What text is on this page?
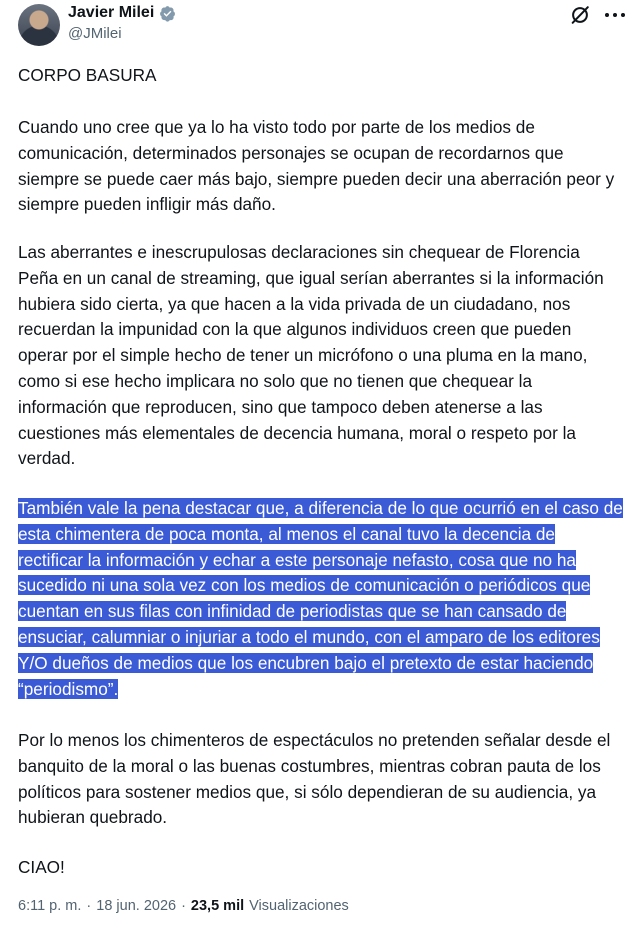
Javier Milei
@JMilei
CORPO BASURA
Cuando uno cree que ya lo ha visto todo por parte de los medios de comunicación, determinados personajes se ocupan de recordarnos que siempre se puede caer más bajo, siempre pueden decir una aberración peor y siempre pueden infligir más daño.
Las aberrantes e inescrupulosas declaraciones sin chequear de Florencia Peña en un canal de streaming, que igual serían aberrantes si la información hubiera sido cierta, ya que hacen a la vida privada de un ciudadano, nos recuerdan la impunidad con la que algunos individuos creen que pueden operar por el simple hecho de tener un micrófono o una pluma en la mano, como si ese hecho implicara no solo que no tienen que chequear la información que reproducen, sino que tampoco deben atenerse a las cuestiones más elementales de decencia humana, moral o respeto por la verdad.
También vale la pena destacar que, a diferencia de lo que ocurrió en el caso de esta chimentera de poca monta, al menos el canal tuvo la decencia de rectificar la información y echar a este personaje nefasto, cosa que no ha sucedido ni una sola vez con los medios de comunicación o periódicos que cuentan en sus filas con infinidad de periodistas que se han cansado de ensuciar, calumniar o injuriar a todo el mundo, con el amparo de los editores Y/O dueños de medios que los encubren bajo el pretexto de estar haciendo “periodismo”.
Por lo menos los chimenteros de espectáculos no pretenden señalar desde el banquito de la moral o las buenas costumbres, mientras cobran pauta de los políticos para sostener medios que, si sólo dependieran de su audiencia, ya hubieran quebrado.
CIAO!
6:11 p. m. · 18 jun. 2026 · 23,5 mil Visualizaciones
